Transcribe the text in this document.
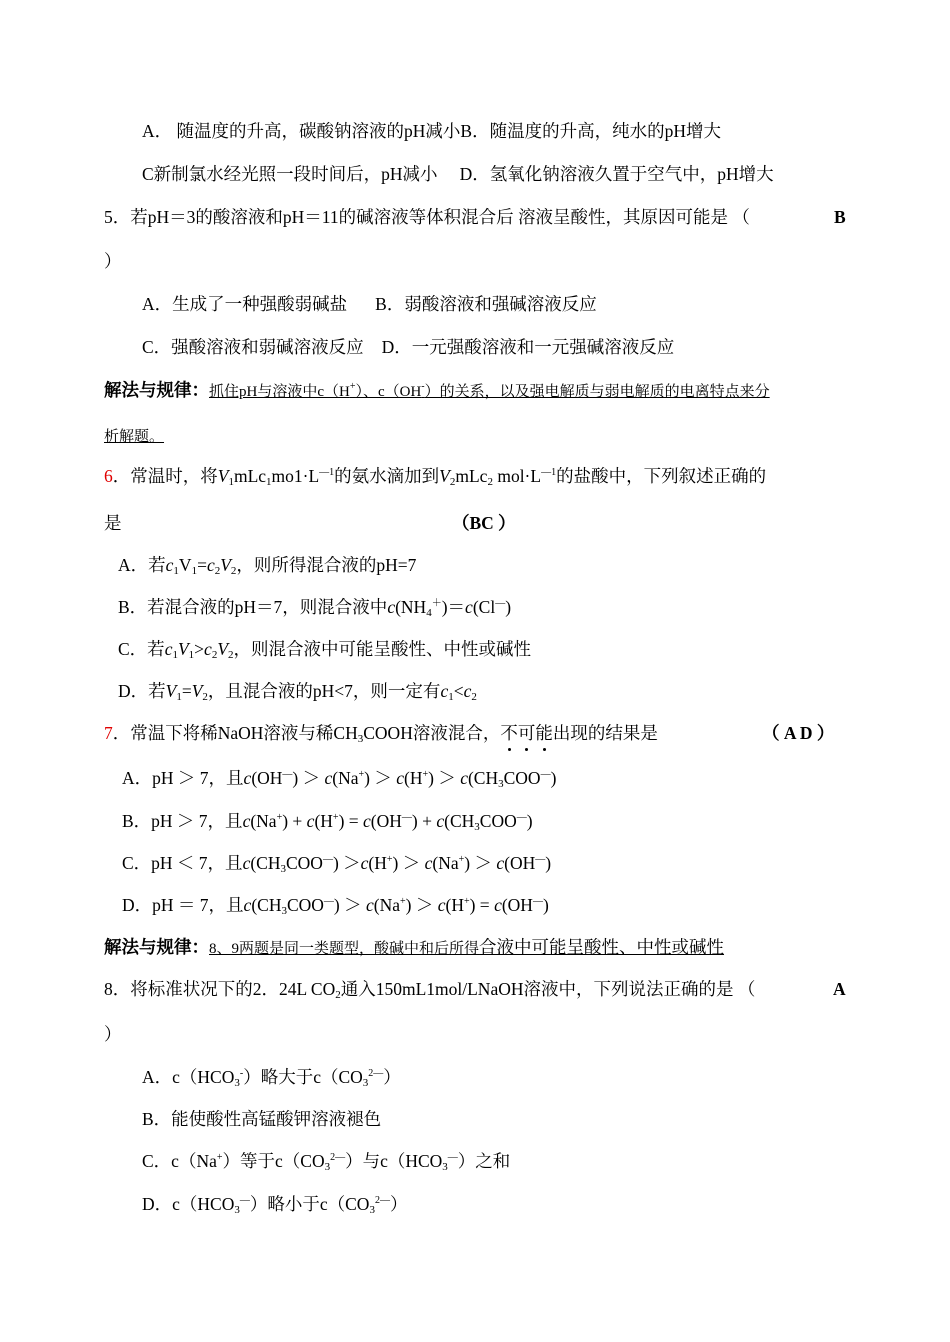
A． 随温度的升高，碳酸钠溶液的pH减小B．随温度的升高，纯水的pH增大
C新制氯水经光照一段时间后，pH减小 D．氢氧化钠溶液久置于空气中，pH增大
5．若pH＝3的酸溶液和pH＝11的碱溶液等体积混合后 溶液呈酸性，其原因可能是 （	B
）
A．生成了一种强酸弱碱盐 B．弱酸溶液和强碱溶液反应
C．强酸溶液和弱碱溶液反应 D．一元强酸溶液和一元强碱溶液反应
解法与规律：抓住pH与溶液中c（H+）、c（OH-）的关系，以及强电解质与弱电解质的电离特点来分
析解题。
6．常温时，将$V_1mLc_1mo1\cdot L^{—1}$的氨水滴加到$V_2mLc_2$ $mol\cdot L^{—1}$的盐酸中，下列叙述正确的
是	（BC ）
A．若$c_1V_1=c_2V_2$，则所得混合液的pH=7
B．若混合液的pH＝7，则混合液中$c(NH_4^+)=c(Cl^—)$
C．若$c_1V_1>c_2V_2$，则混合液中可能呈酸性、中性或碱性
D．若$V_1=V_2$，且混合液的pH<7，则一定有$c_1<c_2$
7．常温下将稀NaOH溶液与稀$CH_3COOH$溶液混合，不可能出现的结果是	（ A D ）
A．pH ＞ 7，且$c(OH^—) > c(Na^+) > c(H^+) > c(CH_3COO^—)$
B．pH ＞ 7，且$c(Na^+) + c(H^+) = c(OH^—) + c(CH_3COO^—)$
C．pH ＜ 7，且$c(CH_3COO^—) >c(H^+) > c(Na^+) > c(OH^—)$
D．pH ＝ 7，且$c(CH_3COO^—) > c(Na^+) > c(H^+) = c(OH^—)$
解法与规律：8、9两题是同一类题型，酸碱中和后所得合液中可能呈酸性、中性或碱性
8．将标准状况下的2．24L $CO_2$通入150mL1mol/LNaOH溶液中，下列说法正确的是 （	A
）
A．$c(HCO_3^-)$略大于$c(CO_3^{2—})$
B．能使酸性高锰酸钾溶液褪色
C．c（Na+）等于$c(CO_3^{2—})$与$c(HCO_3^—)$之和
D．$c(HCO_3^—)$略小于$c(CO_3^{2—})$
